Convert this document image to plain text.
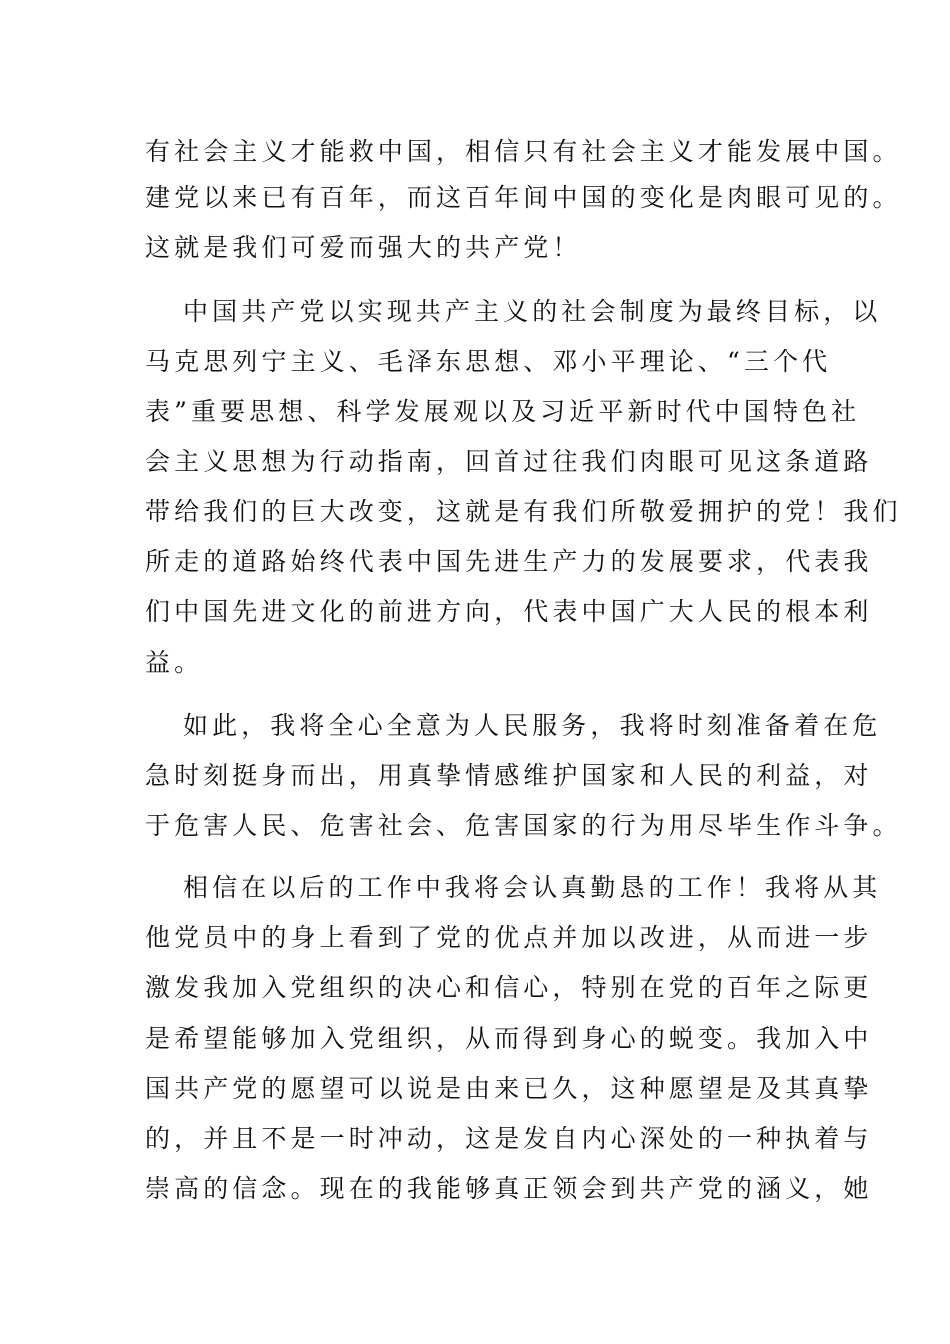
有社会主义才能救中国，相信只有社会主义才能发展中国。
建党以来已有百年，而这百年间中国的变化是肉眼可见的。
这就是我们可爱而强大的共产党！
中国共产党以实现共产主义的社会制度为最终目标，以
马克思列宁主义、毛泽东思想、邓小平理论、“三个代
表”重要思想、科学发展观以及习近平新时代中国特色社
会主义思想为行动指南，回首过往我们肉眼可见这条道路
带给我们的巨大改变，这就是有我们所敬爱拥护的党！我们
所走的道路始终代表中国先进生产力的发展要求，代表我
们中国先进文化的前进方向，代表中国广大人民的根本利
益。
如此，我将全心全意为人民服务，我将时刻准备着在危
急时刻挺身而出，用真挚情感维护国家和人民的利益，对
于危害人民、危害社会、危害国家的行为用尽毕生作斗争。
相信在以后的工作中我将会认真勤恳的工作！我将从其
他党员中的身上看到了党的优点并加以改进，从而进一步
激发我加入党组织的决心和信心，特别在党的百年之际更
是希望能够加入党组织，从而得到身心的蜕变。我加入中
国共产党的愿望可以说是由来已久，这种愿望是及其真挚
的，并且不是一时冲动，这是发自内心深处的一种执着与
崇高的信念。现在的我能够真正领会到共产党的涵义，她
